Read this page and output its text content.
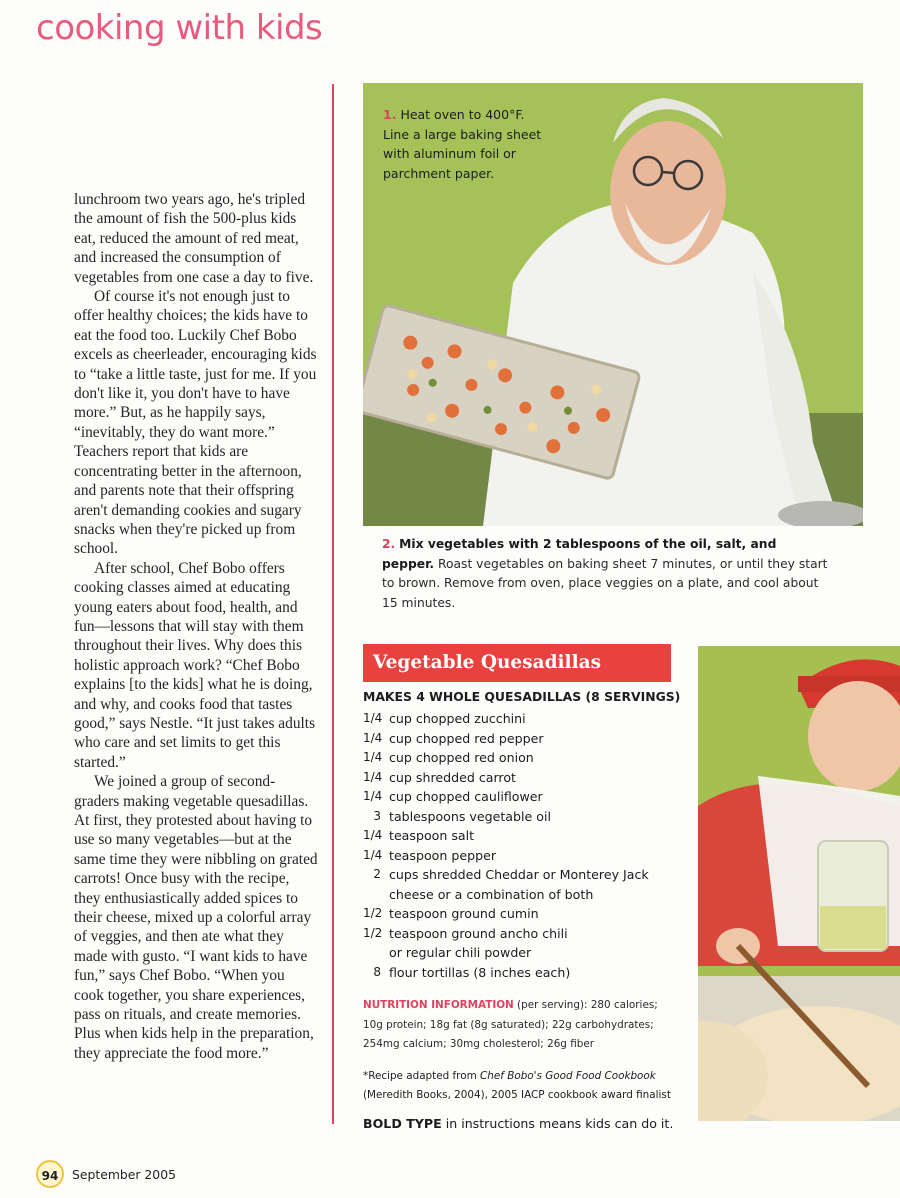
cooking with kids

lunchroom two years ago, he's tripled the amount of fish the 500-plus kids eat, reduced the amount of red meat, and increased the consumption of vegetables from one case a day to five.

Of course it's not enough just to offer healthy choices; the kids have to eat the food too. Luckily Chef Bobo excels as cheerleader, encouraging kids to “take a little taste, just for me. If you don't like it, you don't have to have more.” But, as he happily says, “inevitably, they do want more.” Teachers report that kids are concentrating better in the afternoon, and parents note that their offspring aren't demanding cookies and sugary snacks when they're picked up from school.

After school, Chef Bobo offers cooking classes aimed at educating young eaters about food, health, and fun—lessons that will stay with them throughout their lives. Why does this holistic approach work? “Chef Bobo explains [to the kids] what he is doing, and why, and cooks food that tastes good,” says Nestle. “It just takes adults who care and set limits to get this started.”

We joined a group of second-graders making vegetable quesadillas. At first, they protested about having to use so many vegetables—but at the same time they were nibbling on grated carrots! Once busy with the recipe, they enthusiastically added spices to their cheese, mixed up a colorful array of veggies, and then ate what they made with gusto. “I want kids to have fun,” says Chef Bobo. “When you cook together, you share experiences, pass on rituals, and create memories. Plus when kids help in the preparation, they appreciate the food more.”

1. Heat oven to 400°F. Line a large baking sheet with aluminum foil or parchment paper.
2. Mix vegetables with 2 tablespoons of the oil, salt, and pepper. Roast vegetables on baking sheet 7 minutes, or until they start to brown. Remove from oven, place veggies on a plate, and cool about 15 minutes.
Vegetable Quesadillas
MAKES 4 WHOLE QUESADILLAS (8 SERVINGS)
1/4 cup chopped zucchini
1/4 cup chopped red pepper
1/4 cup chopped red onion
1/4 cup shredded carrot
1/4 cup chopped cauliflower
3 tablespoons vegetable oil
1/4 teaspoon salt
1/4 teaspoon pepper
2 cups shredded Cheddar or Monterey Jack
cheese or a combination of both
1/2 teaspoon ground cumin
1/2 teaspoon ground ancho chili
or regular chili powder
8 flour tortillas (8 inches each)
NUTRITION INFORMATION (per serving): 280 calories; 10g protein; 18g fat (8g saturated); 22g carbohydrates; 254mg calcium; 30mg cholesterol; 26g fiber
*Recipe adapted from Chef Bobo's Good Food Cookbook (Meredith Books, 2004), 2005 IACP cookbook award finalist
BOLD TYPE in instructions means kids can do it.
94	September 2005
